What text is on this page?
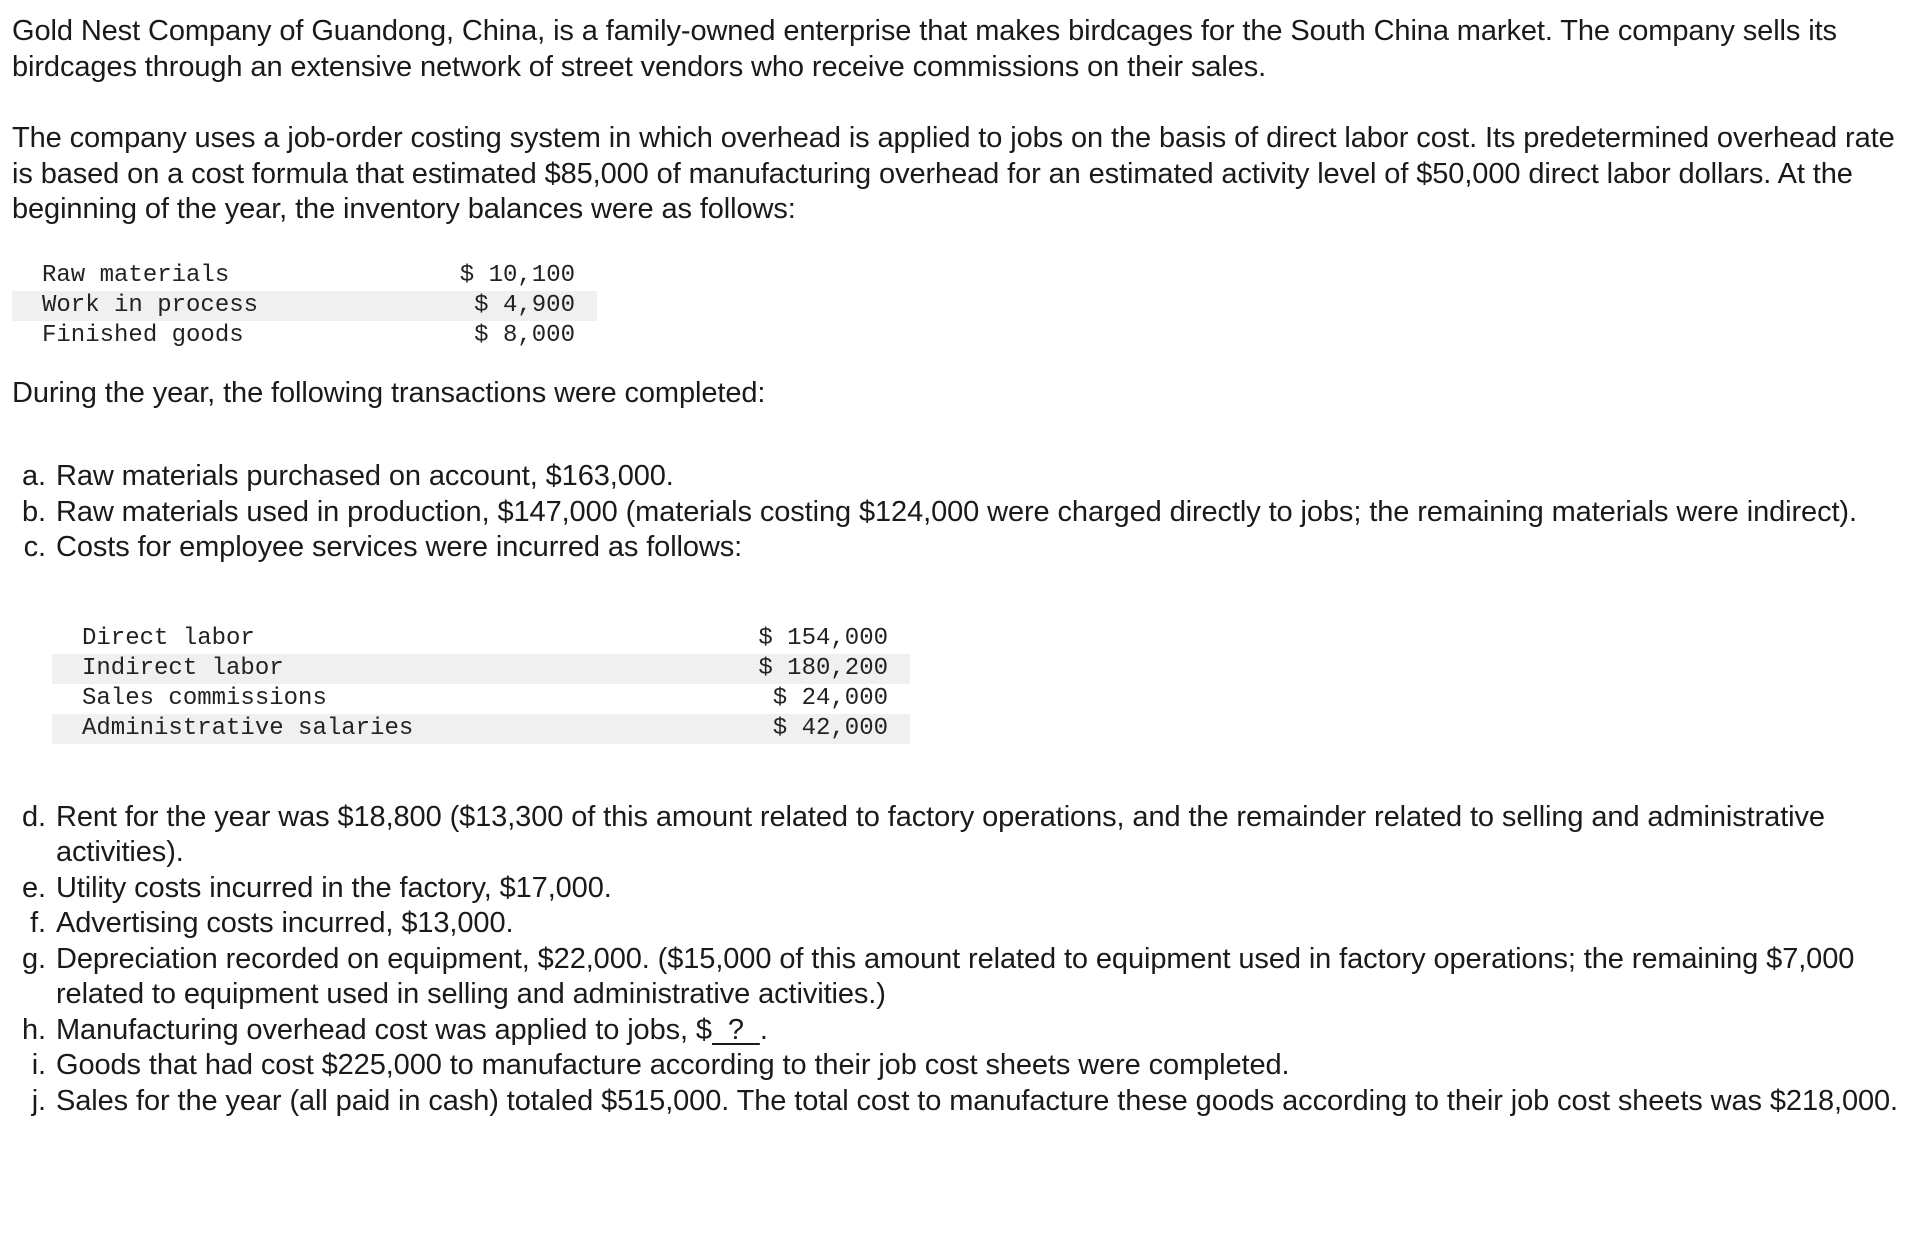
Gold Nest Company of Guandong, China, is a family-owned enterprise that makes birdcages for the South China market. The company sells its birdcages through an extensive network of street vendors who receive commissions on their sales.

The company uses a job-order costing system in which overhead is applied to jobs on the basis of direct labor cost. Its predetermined overhead rate is based on a cost formula that estimated $85,000 of manufacturing overhead for an estimated activity level of $50,000 direct labor dollars. At the beginning of the year, the inventory balances were as follows:

Raw materials	$ 10,100
Work in process	$ 4,900
Finished goods	$ 8,000

During the year, the following transactions were completed:

a. Raw materials purchased on account, $163,000.
b. Raw materials used in production, $147,000 (materials costing $124,000 were charged directly to jobs; the remaining materials were indirect).
c. Costs for employee services were incurred as follows:
Direct labor	$ 154,000
Indirect labor	$ 180,200
Sales commissions	$ 24,000
Administrative salaries	$ 42,000
d. Rent for the year was $18,800 ($13,300 of this amount related to factory operations, and the remainder related to selling and administrative activities).
e. Utility costs incurred in the factory, $17,000.
f. Advertising costs incurred, $13,000.
g. Depreciation recorded on equipment, $22,000. ($15,000 of this amount related to equipment used in factory operations; the remaining $7,000 related to equipment used in selling and administrative activities.)
h. Manufacturing overhead cost was applied to jobs, $  ?  .
i. Goods that had cost $225,000 to manufacture according to their job cost sheets were completed.
j. Sales for the year (all paid in cash) totaled $515,000. The total cost to manufacture these goods according to their job cost sheets was $218,000.
